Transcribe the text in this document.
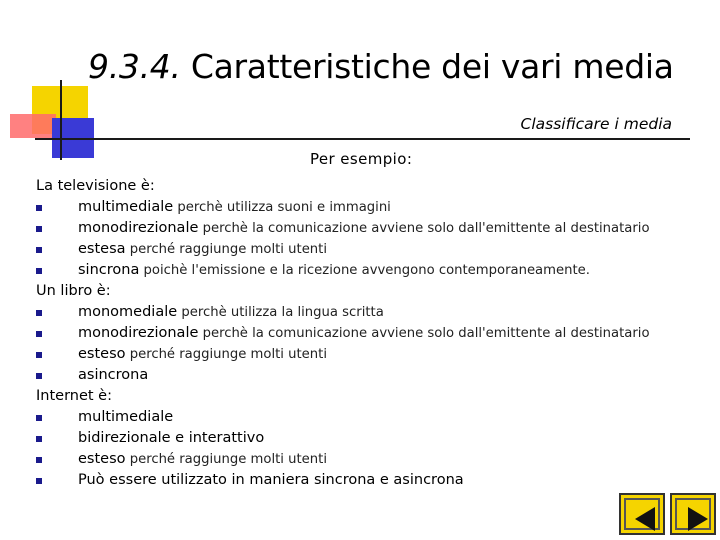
9.3.4. Caratteristiche dei vari media
Classificare i media
Per esempio:
La televisione è:
multimediale perchè utilizza suoni e immagini
monodirezionale perchè la comunicazione avviene solo dall'emittente al destinatario
estesa perché raggiunge molti utenti
sincrona poichè l'emissione e la ricezione avvengono contemporaneamente.
Un libro è:
monomediale perchè utilizza la lingua scritta
monodirezionale perchè la comunicazione avviene solo dall'emittente al destinatario
esteso perché raggiunge molti utenti
asincrona
Internet è:
multimediale
bidirezionale e interattivo
esteso perché raggiunge molti utenti
Può essere utilizzato in maniera sincrona e asincrona
